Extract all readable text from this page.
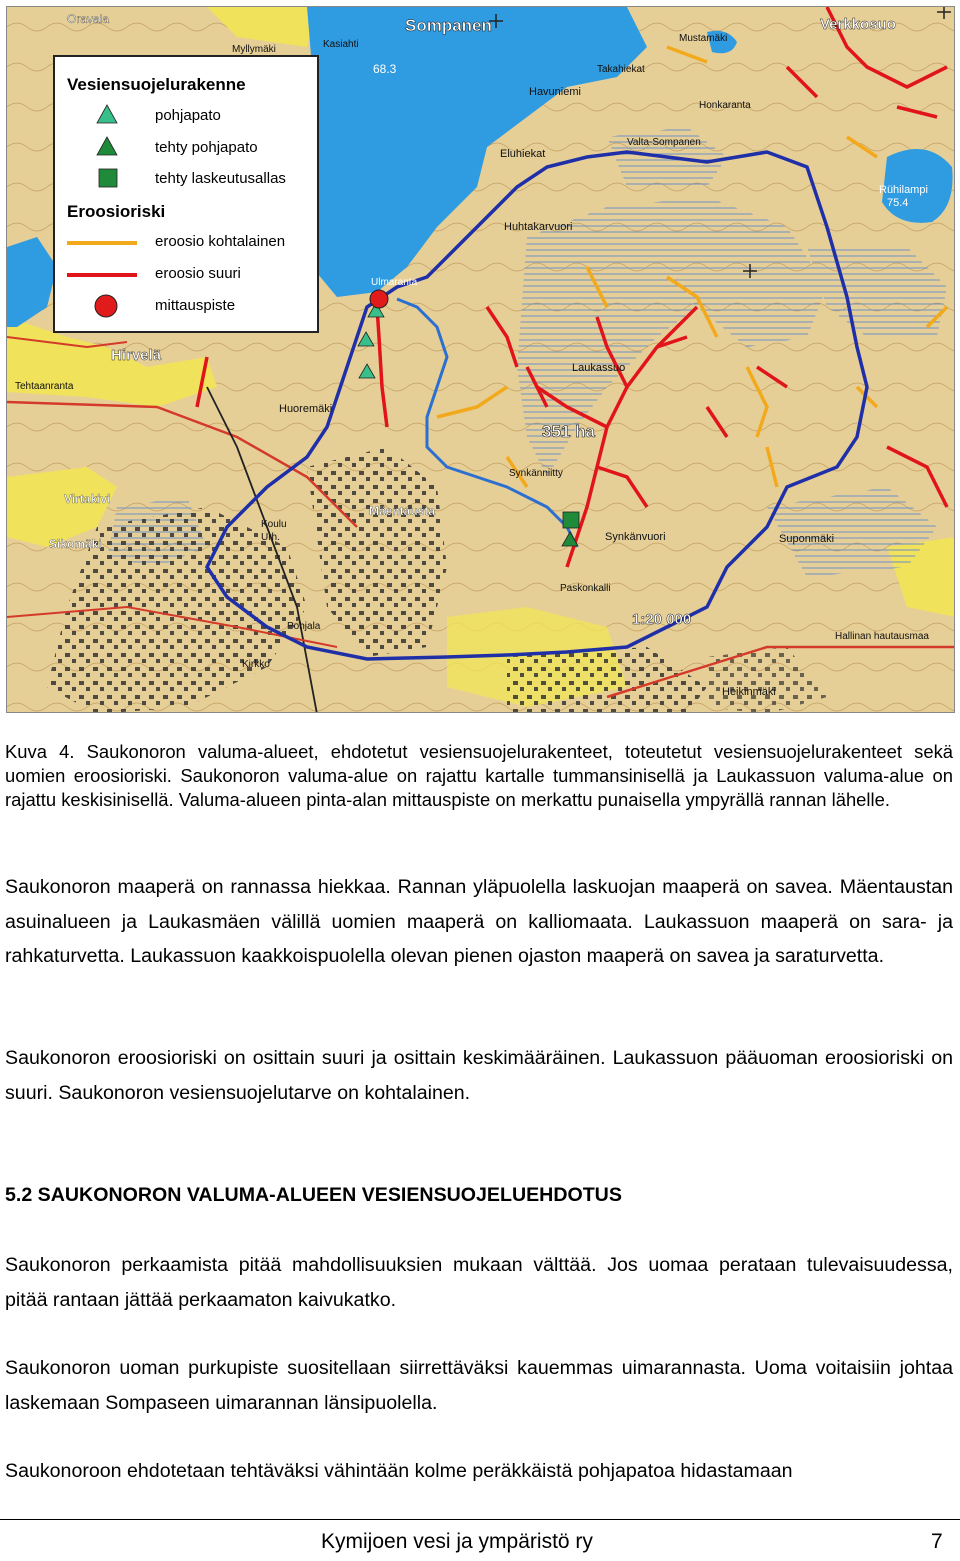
Sompanen	Verkkosuo
Oravala
Hirvelä
Virtakivi
Sikomäki
Mäentausta
Laukassuo
351 ha
1:20 000
Synkänvuori	Suponmäki
Heikinmäki
Huoremäki
Havuniemi
Rühilampi
75.4
68.3
Ulmaranta
Eluhiekat
Valta-Sompanen
Honkaranta
Takahiekat
Kasiahti
Mustamäki
Huhtakarvuori
Myllymäki
Tehtaanranta
Paskonkalli
Kirkko
Pohjala
Koulu
Urh.
Hallinan hautausmaa
Synkänniitty
Vesiensuojelurakenne
pohjapato
tehty pohjapato
tehty laskeutusallas
Eroosioriski
eroosio kohtalainen
eroosio suuri
mittauspiste

Kuva 4. Saukonoron valuma-alueet, ehdotetut vesiensuojelurakenteet, toteutetut vesiensuojelurakenteet sekä uomien eroosioriski. Saukonoron valuma-alue on rajattu kartalle tummansinisellä ja Laukassuon valuma-alue on rajattu keskisinisellä. Valuma-alueen pinta-alan mittauspiste on merkattu punaisella ympyrällä rannan lähelle.

Saukonoron maaperä on rannassa hiekkaa. Rannan yläpuolella laskuojan maaperä on savea. Mäentaustan asuinalueen ja Laukasmäen välillä uomien maaperä on kalliomaata. Laukassuon maaperä on sara- ja rahkaturvetta. Laukassuon kaakkoispuolella olevan pienen ojaston maaperä on savea ja saraturvetta.

Saukonoron eroosioriski on osittain suuri ja osittain keskimääräinen. Laukassuon pääuoman eroosioriski on suuri. Saukonoron vesiensuojelutarve on kohtalainen.

5.2 SAUKONORON VALUMA-ALUEEN VESIENSUOJELUEHDOTUS

Saukonoron perkaamista pitää mahdollisuuksien mukaan välttää. Jos uomaa perataan tulevaisuudessa, pitää rantaan jättää perkaamaton kaivukatko.

Saukonoron uoman purkupiste suositellaan siirrettäväksi kauemmas uimarannasta. Uoma voitaisiin johtaa laskemaan Sompaseen uimarannan länsipuolella.

Saukonoroon ehdotetaan tehtäväksi vähintään kolme peräkkäistä pohjapatoa hidastamaan

Kymijoen vesi ja ympäristö ry	7
